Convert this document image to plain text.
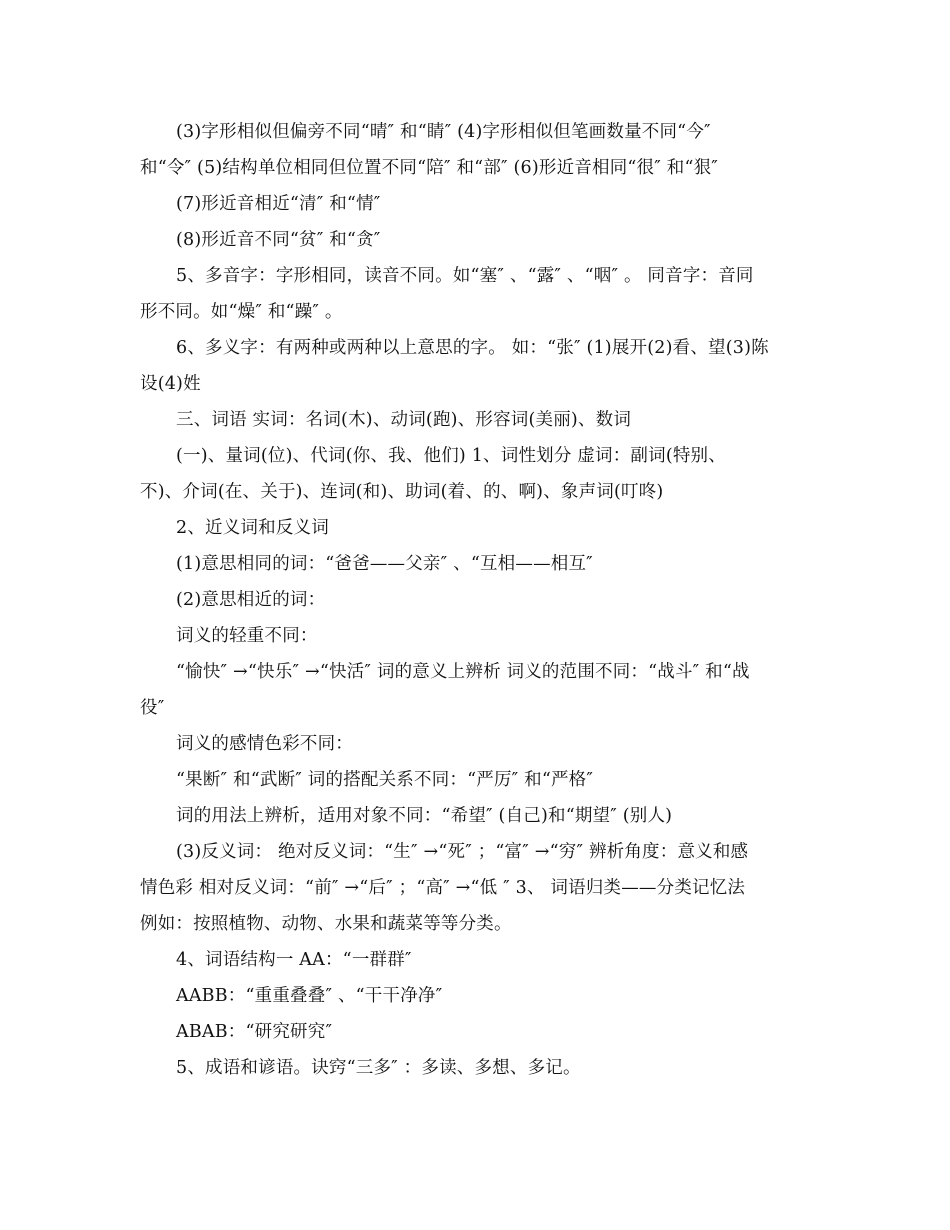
(3)字形相似但偏旁不同“晴″ 和“睛″ (4)字形相似但笔画数量不同“今″

和“令″ (5)结构单位相同但位置不同“陪″ 和“部″ (6)形近音相同“很″ 和“狠″

(7)形近音相近“清″ 和“情″

(8)形近音不同“贫″ 和“贪″

5、多音字：字形相同，读音不同。如“塞″ 、“露″ 、“咽″ 。 同音字：音同

形不同。如“燥″ 和“躁″ 。

6、多义字：有两种或两种以上意思的字。 如：“张″ (1)展开(2)看、望(3)陈

设(4)姓

三、词语 实词：名词(木)、动词(跑)、形容词(美丽)、数词

(一)、量词(位)、代词(你、我、他们) 1、词性划分 虚词：副词(特别、

不)、介词(在、关于)、连词(和)、助词(着、的、啊)、象声词(叮咚)

2、近义词和反义词

(1)意思相同的词：“爸爸——父亲″ 、“互相——相互″

(2)意思相近的词：

词义的轻重不同：

“愉快″ →“快乐″ →“快活″ 词的意义上辨析 词义的范围不同：“战斗″ 和“战

役″

词义的感情色彩不同：

“果断″ 和“武断″ 词的搭配关系不同：“严厉″ 和“严格″

词的用法上辨析，适用对象不同：“希望″ (自己)和“期望″ (别人)

(3)反义词： 绝对反义词：“生″ →“死″ ；“富″ →“穷″ 辨析角度：意义和感

情色彩 相对反义词：“前″ →“后″ ；“高″ →“低 ″ 3、 词语归类——分类记忆法

例如：按照植物、动物、水果和蔬菜等等分类。

4、词语结构一 AA：“一群群″

AABB：“重重叠叠″ 、“干干净净″

ABAB：“研究研究″

5、成语和谚语。诀窍“三多″ ：多读、多想、多记。
